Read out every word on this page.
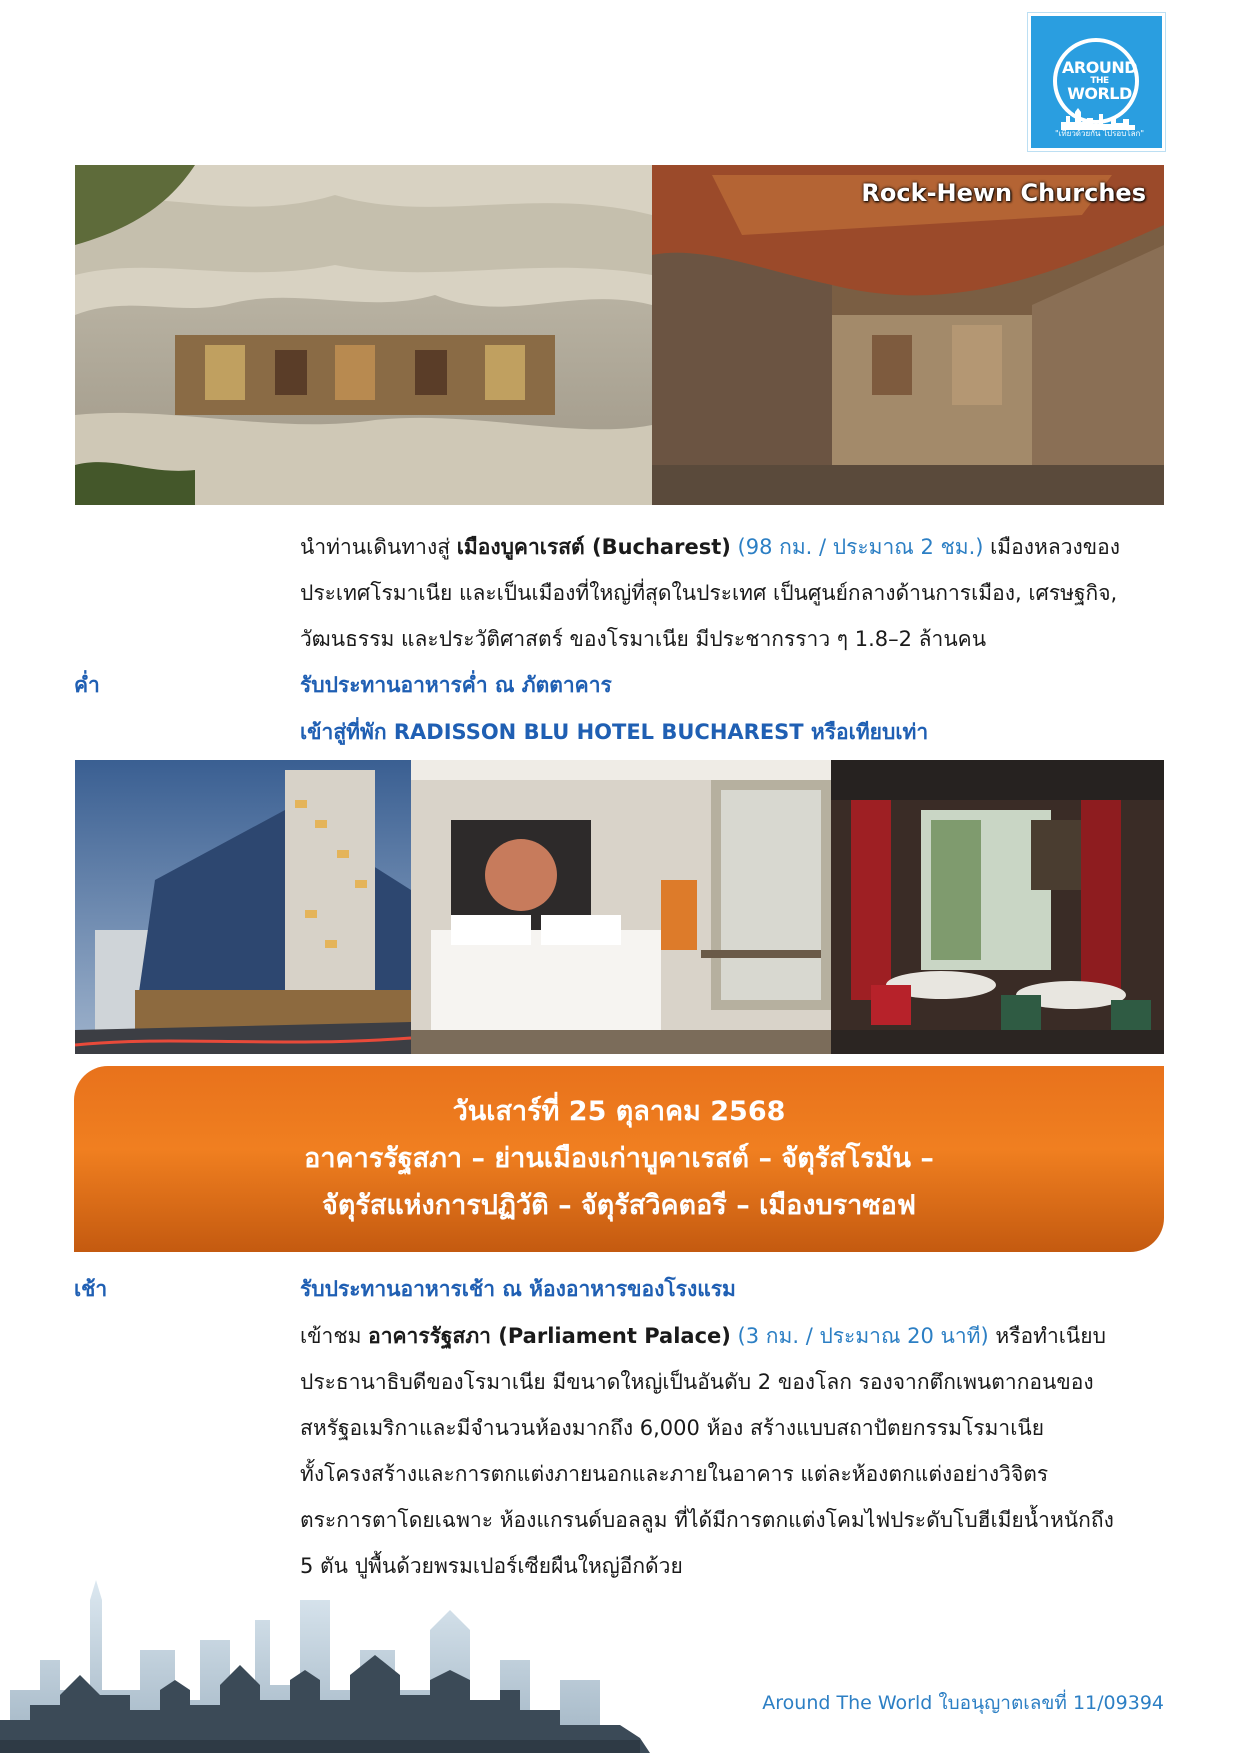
AROUND
THE
WORLD
"เที่ยวด้วยกัน ไปรอบโลก"
Rock-Hewn Churches
นำท่านเดินทางสู่ เมืองบูคาเรสต์ (Bucharest) (98 กม. / ประมาณ 2 ชม.) เมืองหลวงของ
ประเทศโรมาเนีย และเป็นเมืองที่ใหญ่ที่สุดในประเทศ เป็นศูนย์กลางด้านการเมือง, เศรษฐกิจ,
วัฒนธรรม และประวัติศาสตร์ ของโรมาเนีย มีประชากรราว ๆ 1.8–2 ล้านคน
ค่ำ	รับประทานอาหารค่ำ ณ ภัตตาคาร
เข้าสู่ที่พัก RADISSON BLU HOTEL BUCHAREST หรือเทียบเท่า
วันเสาร์ที่ 25 ตุลาคม 2568
อาคารรัฐสภา – ย่านเมืองเก่าบูคาเรสต์ – จัตุรัสโรมัน –
จัตุรัสแห่งการปฏิวัติ – จัตุรัสวิคตอรี – เมืองบราซอฟ
เช้า	รับประทานอาหารเช้า ณ ห้องอาหารของโรงแรม
เข้าชม อาคารรัฐสภา (Parliament Palace) (3 กม. / ประมาณ 20 นาที) หรือทำเนียบ
ประธานาธิบดีของโรมาเนีย มีขนาดใหญ่เป็นอันดับ 2 ของโลก รองจากตึกเพนตากอนของ
สหรัฐอเมริกาและมีจำนวนห้องมากถึง 6,000 ห้อง สร้างแบบสถาปัตยกรรมโรมาเนีย
ทั้งโครงสร้างและการตกแต่งภายนอกและภายในอาคาร แต่ละห้องตกแต่งอย่างวิจิตร
ตระการตาโดยเฉพาะ ห้องแกรนด์บอลลูม ที่ได้มีการตกแต่งโคมไฟประดับโบฮีเมียน้ำหนักถึง
5 ตัน ปูพื้นด้วยพรมเปอร์เซียผืนใหญ่อีกด้วย
Around The World ใบอนุญาตเลขที่ 11/09394
